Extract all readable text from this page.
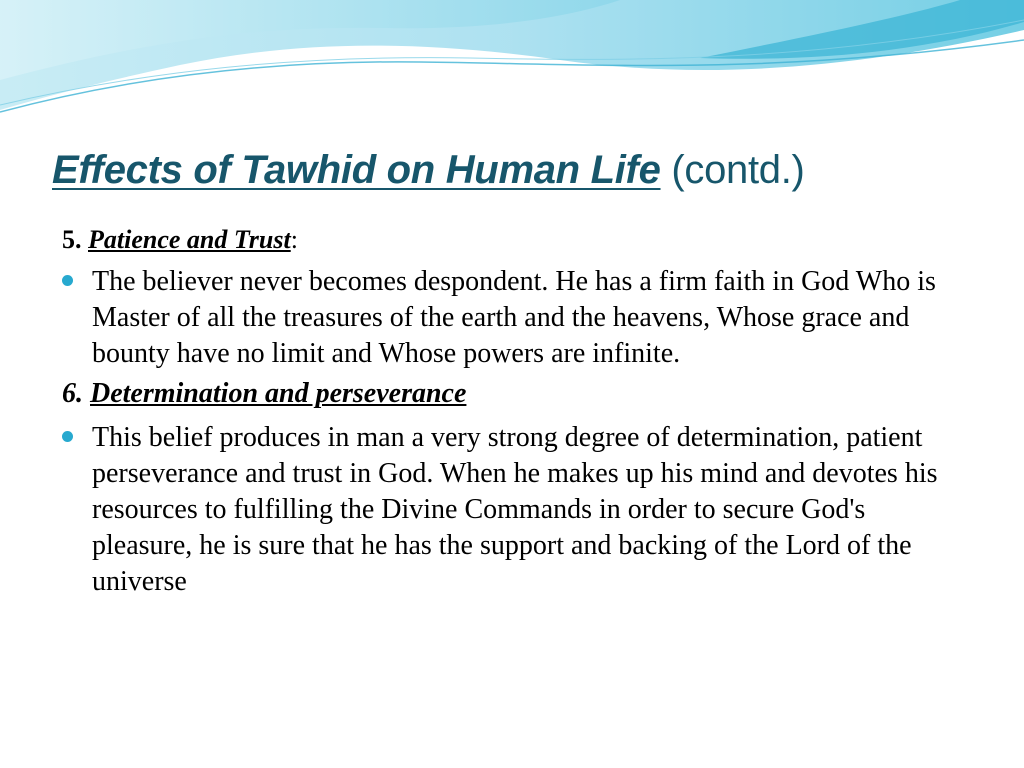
Effects of Tawhid on Human Life (contd.)

5. Patience and Trust:

The believer never becomes despondent. He has a firm faith in God Who is Master of all the treasures of the earth and the heavens, Whose grace and bounty have no limit and Whose powers are infinite.

6. Determination and perseverance

This belief produces in man a very strong degree of determination, patient perseverance and trust in God. When he makes up his mind and devotes his resources to fulfilling the Divine Commands in order to secure God's pleasure, he is sure that he has the support and backing of the Lord of the universe
